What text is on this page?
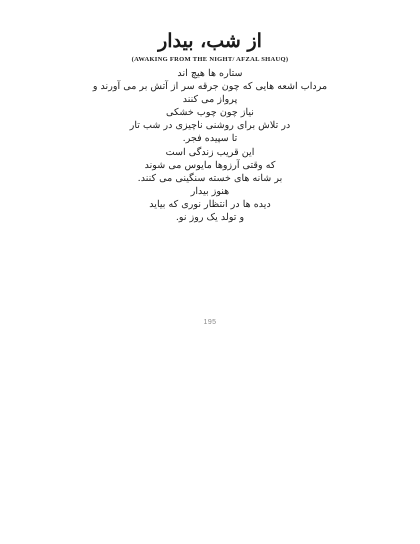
از شب، بیدار
(AWAKING FROM THE NIGHT/ AFZAL SHAUQ)
ستاره ها هیچ اند
مرداب اشعه هایی که چون جرقه سر از آتش بر می آورند و
پرواز می کنند
نیاز چون چوب خشکی
در تلاش برای روشنی ناچیزی در شب تار
تا سپیده فجر.
این قریب زندگی است
که وقتی آرزوها مایوس می شوند
بر شانه های خسته سنگینی می کنند.
هنوز بیدار
دیده ها در انتظار نوری که بیاید
و تولد یک روز نو.
195
